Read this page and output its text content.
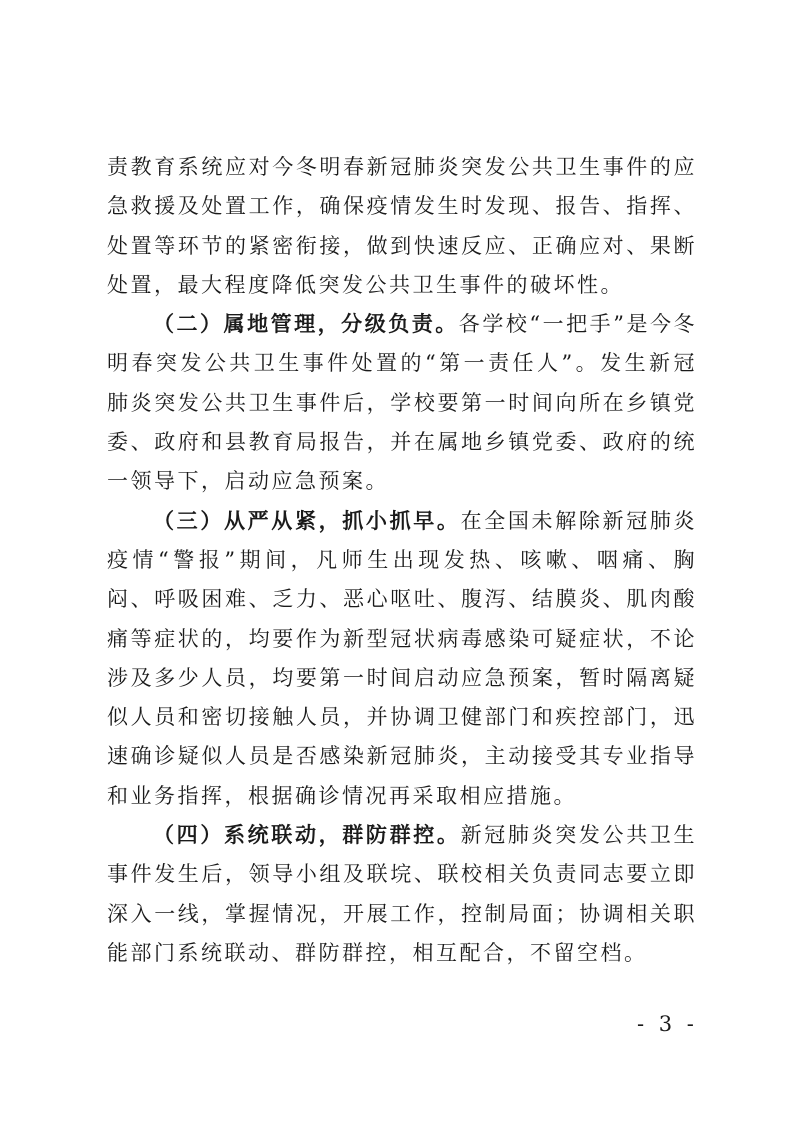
责教育系统应对今冬明春新冠肺炎突发公共卫生事件的应急救援及处置工作，确保疫情发生时发现、报告、指挥、处置等环节的紧密衔接，做到快速反应、正确应对、果断处置，最大程度降低突发公共卫生事件的破坏性。

（二）属地管理，分级负责。各学校“一把手”是今冬明春突发公共卫生事件处置的“第一责任人”。发生新冠肺炎突发公共卫生事件后，学校要第一时间向所在乡镇党委、政府和县教育局报告，并在属地乡镇党委、政府的统一领导下，启动应急预案。

（三）从严从紧，抓小抓早。在全国未解除新冠肺炎疫情“警报”期间，凡师生出现发热、咳嗽、咽痛、胸闷、呼吸困难、乏力、恶心呕吐、腹泻、结膜炎、肌肉酸痛等症状的，均要作为新型冠状病毒感染可疑症状，不论涉及多少人员，均要第一时间启动应急预案，暂时隔离疑似人员和密切接触人员，并协调卫健部门和疾控部门，迅速确诊疑似人员是否感染新冠肺炎，主动接受其专业指导和业务指挥，根据确诊情况再采取相应措施。

（四）系统联动，群防群控。新冠肺炎突发公共卫生事件发生后，领导小组及联垸、联校相关负责同志要立即深入一线，掌握情况，开展工作，控制局面；协调相关职能部门系统联动、群防群控，相互配合，不留空档。

- 3 -
